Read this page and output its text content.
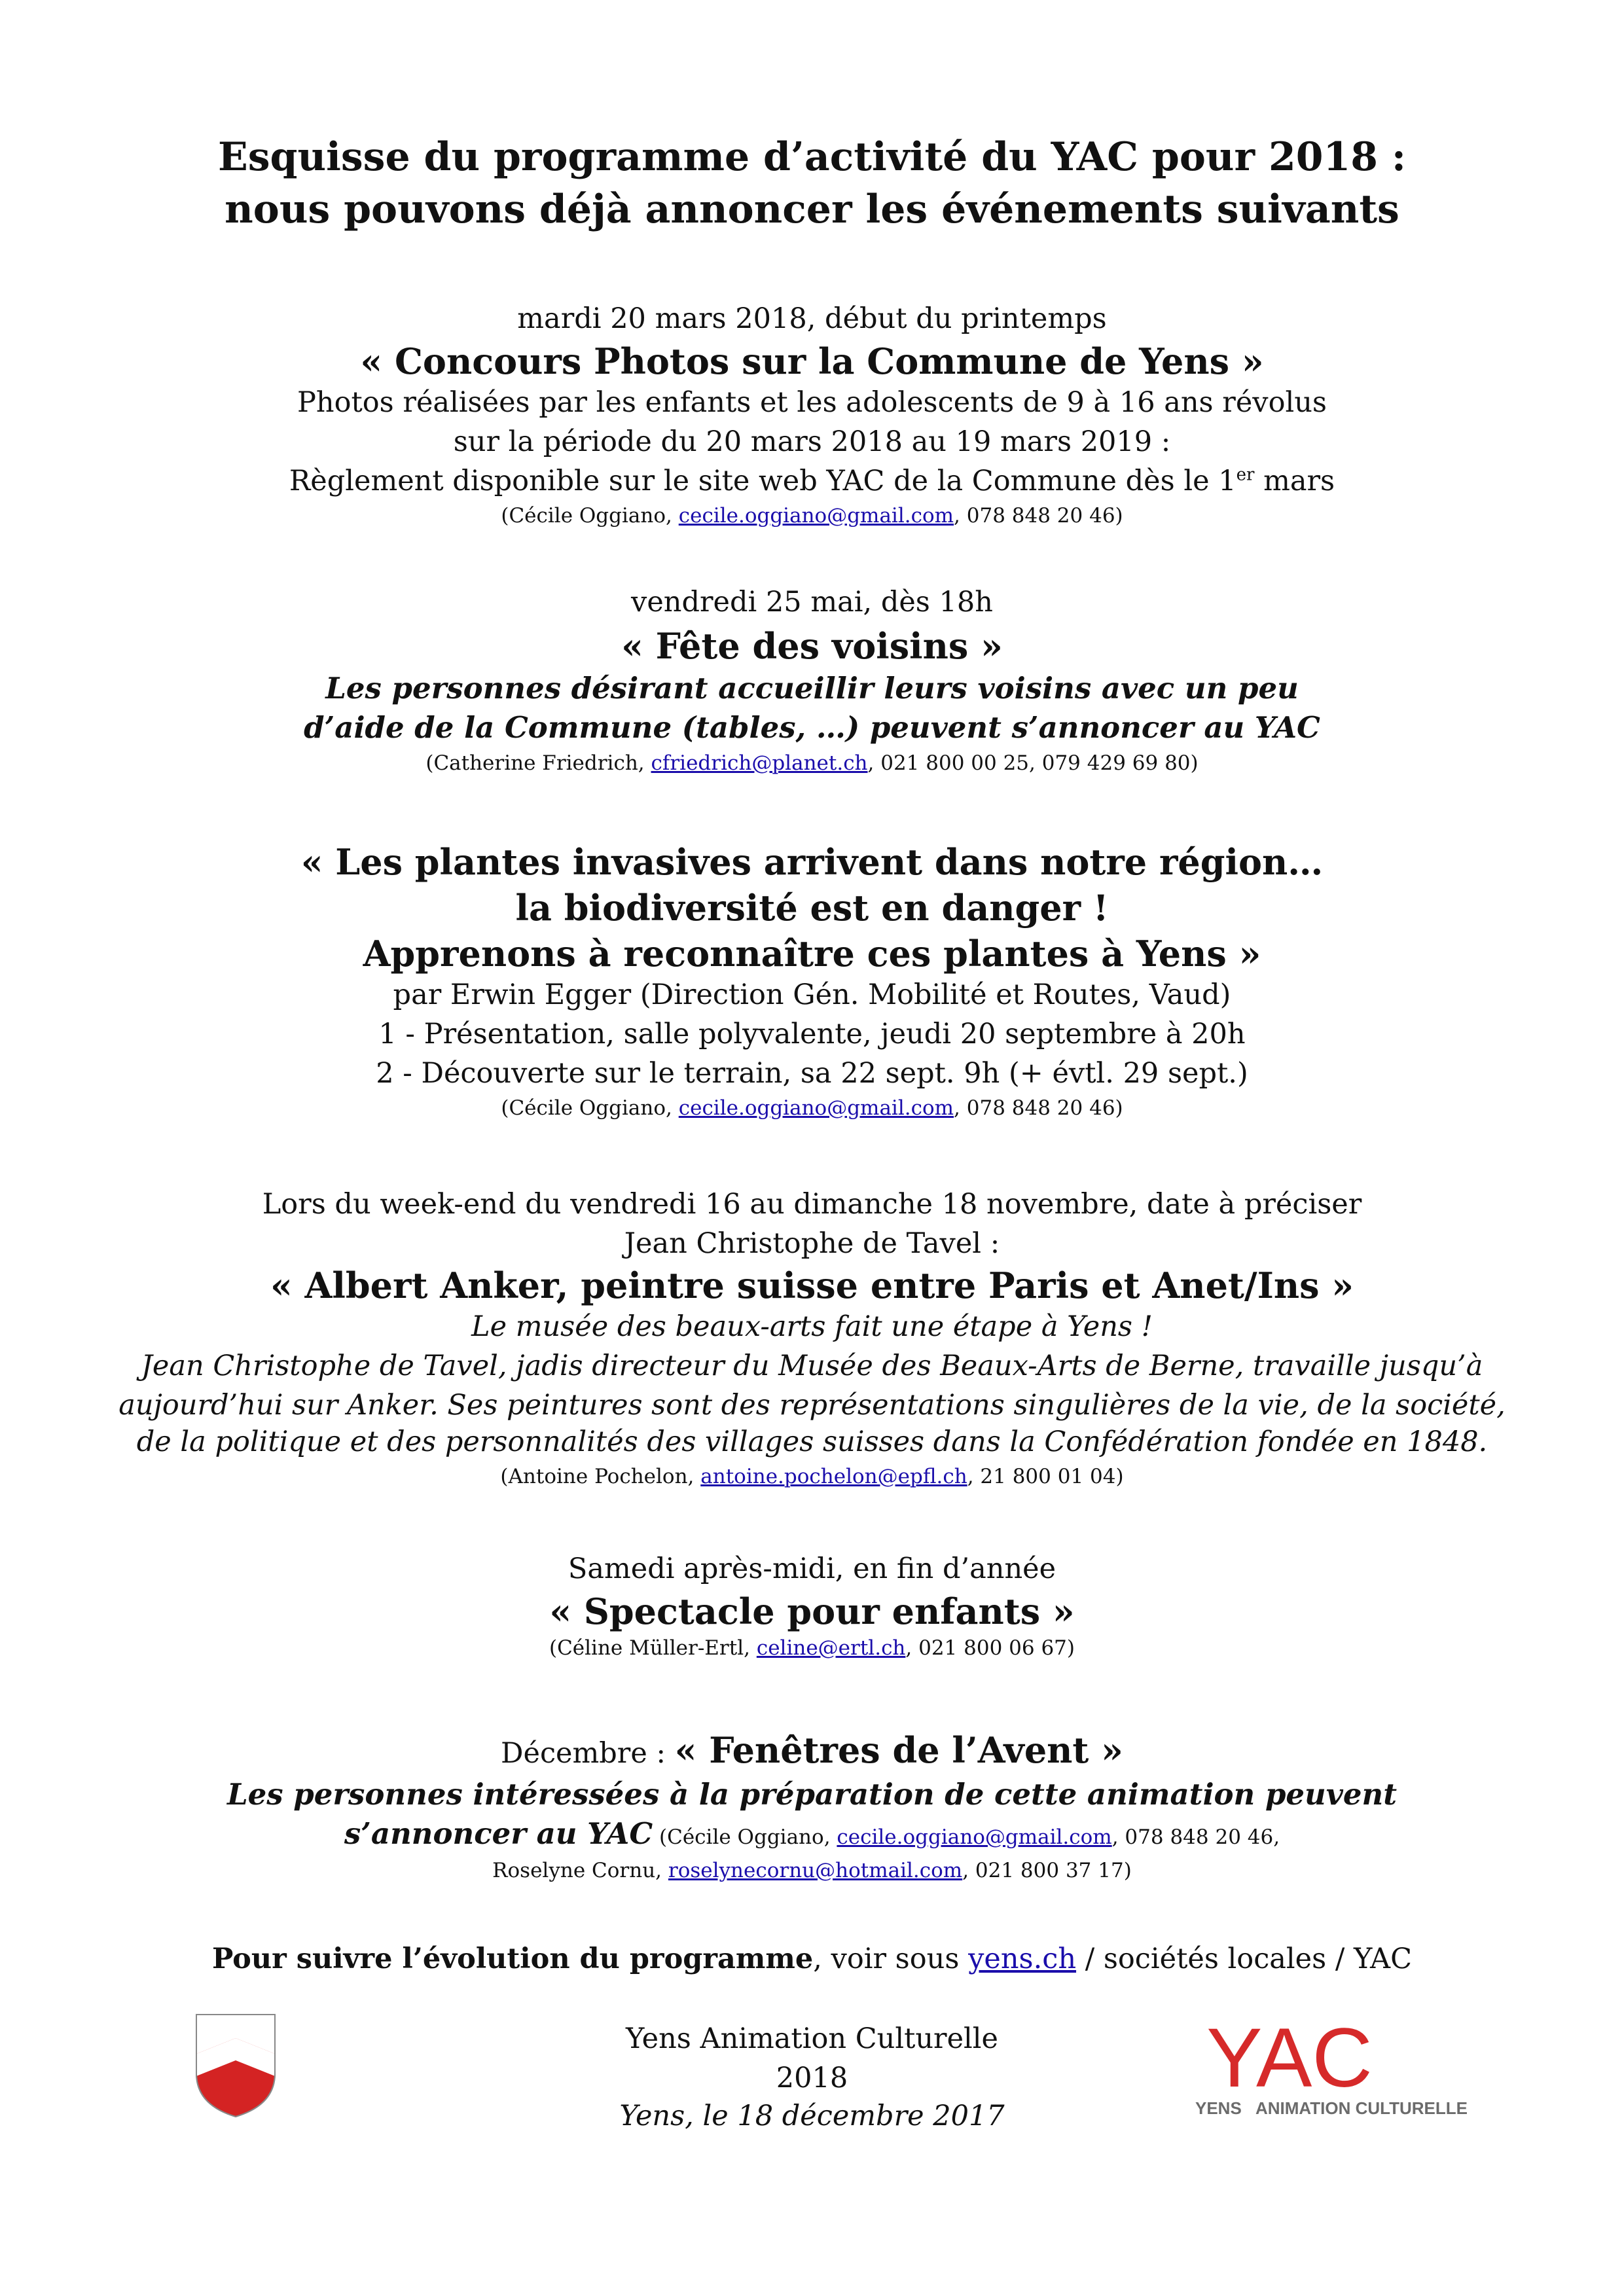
Esquisse du programme d’activité du YAC pour 2018 :
nous pouvons déjà annoncer les événements suivants
mardi 20 mars 2018, début du printemps
« Concours Photos sur la Commune de Yens »
Photos réalisées par les enfants et les adolescents de 9 à 16 ans révolus
sur la période du 20 mars 2018 au 19 mars 2019 :
Règlement disponible sur le site web YAC de la Commune dès le 1er mars
(Cécile Oggiano, cecile.oggiano@gmail.com, 078 848 20 46)
vendredi 25 mai, dès 18h
« Fête des voisins »
Les personnes désirant accueillir leurs voisins avec un peu
d’aide de la Commune (tables, …) peuvent s’annoncer au YAC
(Catherine Friedrich, cfriedrich@planet.ch, 021 800 00 25, 079 429 69 80)
« Les plantes invasives arrivent dans notre région…
la biodiversité est en danger !
Apprenons à reconnaître ces plantes à Yens »
par Erwin Egger (Direction Gén. Mobilité et Routes, Vaud)
1 - Présentation, salle polyvalente, jeudi 20 septembre à 20h
2 - Découverte sur le terrain, sa 22 sept. 9h (+ évtl. 29 sept.)
(Cécile Oggiano, cecile.oggiano@gmail.com, 078 848 20 46)
Lors du week-end du vendredi 16 au dimanche 18 novembre, date à préciser
Jean Christophe de Tavel :
« Albert Anker, peintre suisse entre Paris et Anet/Ins »
Le musée des beaux-arts fait une étape à Yens !
Jean Christophe de Tavel, jadis directeur du Musée des Beaux-Arts de Berne, travaille jusqu’à
aujourd’hui sur Anker. Ses peintures sont des représentations singulières de la vie, de la société,
de la politique et des personnalités des villages suisses dans la Confédération fondée en 1848.
(Antoine Pochelon, antoine.pochelon@epfl.ch, 21 800 01 04)
Samedi après-midi, en fin d’année
« Spectacle pour enfants »
(Céline Müller-Ertl, celine@ertl.ch, 021 800 06 67)
Décembre : « Fenêtres de l’Avent »
Les personnes intéressées à la préparation de cette animation peuvent
s’annoncer au YAC (Cécile Oggiano, cecile.oggiano@gmail.com, 078 848 20 46,
Roselyne Cornu, roselynecornu@hotmail.com, 021 800 37 17)
Pour suivre l’évolution du programme, voir sous yens.ch / sociétés locales / YAC
Yens Animation Culturelle
2018
Yens, le 18 décembre 2017
YAC
YENS ANIMATION CULTURELLE
